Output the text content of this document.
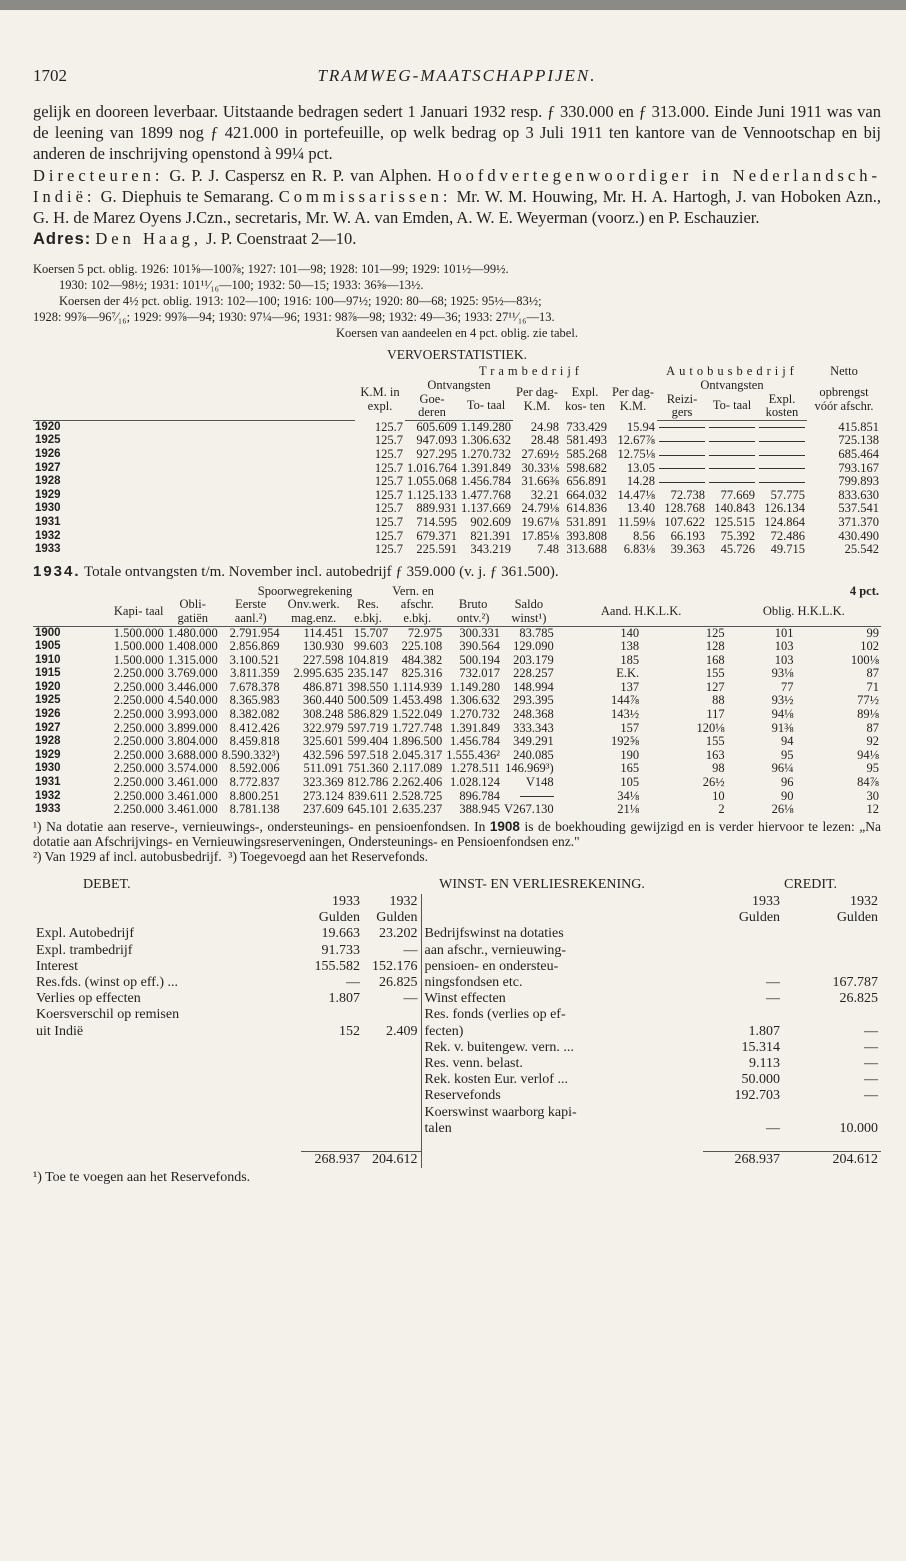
1702	TRAMWEG-MAATSCHAPPIJEN.

gelijk en dooreen leverbaar. Uitstaande bedragen sedert 1 Januari 1932 resp. ƒ 330.000 en ƒ 313.000. Einde Juni 1911 was van de leening van 1899 nog ƒ 421.000 in portefeuille, op welk bedrag op 3 Juli 1911 ten kantore van de Vennootschap en bij anderen de inschrijving openstond à 99¼ pct.

Directeuren: G. P. J. Caspersz en R. P. van Alphen. Hoofdvertegenwoordiger in Nederlandsch-Indië: G. Diephuis te Semarang. Commissarissen: Mr. W. M. Houwing, Mr. H. A. Hartogh, J. van Hoboken Azn., G. H. de Marez Oyens J.Czn., secretaris, Mr. W. A. van Emden, A. W. E. Weyerman (voorz.) en P. Eschauzier.

Adres: Den Haag, J. P. Coenstraat 2—10.

Koersen 5 pct. oblig. 1926: 101⅝—100⅞; 1927: 101—98; 1928: 101—99; 1929: 101½—99½.

1930: 102—98½; 1931: 101¹¹⁄₁₆—100; 1932: 50—15; 1933: 36⅝—13½.

Koersen der 4½ pct. oblig. 1913: 102—100; 1916: 100—97½; 1920: 80—68; 1925: 95½—83½;

1928: 99⅞—96⁷⁄₁₆; 1929: 99⅞—94; 1930: 97¼—96; 1931: 98⅞—98; 1932: 49—36; 1933: 27¹¹⁄₁₆—13.

Koersen van aandeelen en 4 pct. oblig. zie tabel.

VERVOERSTATISTIEK.
		Trambedrijf					Autobusbedrijf			Netto
	K.M. in expl.	Ontvangsten		Per dag- K.M.	Expl. kos- ten	Per dag- K.M.	Ontvangsten			opbrengst vóór afschr.
		Goe- deren	To- taal				Reizi- gers	To- taal	Expl. kosten	
1920	125.7	605.609	1.149.280	24.98	733.429	15.94				415.851
1925	125.7	947.093	1.306.632	28.48	581.493	12.67⅞				725.138
1926	125.7	927.295	1.270.732	27.69½	585.268	12.75⅛				685.464
1927	125.7	1.016.764	1.391.849	30.33⅛	598.682	13.05				793.167
1928	125.7	1.055.068	1.456.784	31.66⅜	656.891	14.28				799.893
1929	125.7	1.125.133	1.477.768	32.21	664.032	14.47⅛	72.738	77.669	57.775	833.630
1930	125.7	889.931	1.137.669	24.79⅛	614.836	13.40	128.768	140.843	126.134	537.541
1931	125.7	714.595	902.609	19.67⅛	531.891	11.59⅛	107.622	125.515	124.864	371.370
1932	125.7	679.371	821.391	17.85⅛	393.808	8.56	66.193	75.392	72.486	430.490
1933	125.7	225.591	343.219	7.48	313.688	6.83⅛	39.363	45.726	49.715	25.542
1934. Totale ontvangsten t/m. November incl. autobedrijf ƒ 359.000 (v. j. ƒ 361.500).
			Spoorwegrekening			Vern. en					4 pct.	
	Kapi- taal	Obli- gatiën	Eerste aanl.²)	Onv.werk. mag.enz.	Res. e.bkj.	afschr. e.bkj.	Bruto ontv.²)	Saldo winst¹)	Aand. H.K.L.K.		Oblig. H.K.L.K.	
1900	1.500.000	1.480.000	2.791.954	114.451	15.707	72.975	300.331	83.785	140	125	101	99
1905	1.500.000	1.408.000	2.856.869	130.930	99.603	225.108	390.564	129.090	138	128	103	102
1910	1.500.000	1.315.000	3.100.521	227.598	104.819	484.382	500.194	203.179	185	168	103	100⅛
1915	2.250.000	3.769.000	3.811.359	2.995.635	235.147	825.316	732.017	228.257	E.K.	155	93⅛	87
1920	2.250.000	3.446.000	7.678.378	486.871	398.550	1.114.939	1.149.280	148.994	137	127	77	71
1925	2.250.000	4.540.000	8.365.983	360.440	500.509	1.453.498	1.306.632	293.395	144⅞	88	93½	77½
1926	2.250.000	3.993.000	8.382.082	308.248	586.829	1.522.049	1.270.732	248.368	143½	117	94⅛	89⅛
1927	2.250.000	3.899.000	8.412.426	322.979	597.719	1.727.748	1.391.849	333.343	157	120⅛	91⅜	87
1928	2.250.000	3.804.000	8.459.818	325.601	599.404	1.896.500	1.456.784	349.291	192⅝	155	94	92
1929	2.250.000	3.688.000	8.590.332³)	432.596	597.518	2.045.317	1.555.436²	240.085	190	163	95	94⅛
1930	2.250.000	3.574.000	8.592.006	511.091	751.360	2.117.089	1.278.511	146.969³)	165	98	96¼	95
1931	2.250.000	3.461.000	8.772.837	323.369	812.786	2.262.406	1.028.124	V148	105	26½	96	84⅞
1932	2.250.000	3.461.000	8.800.251	273.124	839.611	2.528.725	896.784		34⅛	10	90	30
1933	2.250.000	3.461.000	8.781.138	237.609	645.101	2.635.237	388.945	V267.130	21⅛	2	26⅛	12

¹) Na dotatie aan reserve-, vernieuwings-, ondersteunings- en pensioenfondsen. In 1908 is de boekhouding gewijzigd en is verder hiervoor te lezen: „Na dotatie aan Afschrijvings- en Vernieuwingsreserveningen, Ondersteunings- en Pensioenfondsen enz."

²) Van 1929 af incl. autobusbedrijf. ³) Toegevoegd aan het Reservefonds.

DEBET.	WINST- EN VERLIESREKENING.				CREDIT.
	1933	1932		1933	1932
	Gulden	Gulden		Gulden	Gulden
Expl. Autobedrijf	19.663	23.202	Bedrijfswinst na dotaties		
Expl. trambedrijf	91.733	—	aan afschr., vernieuwing-		
Interest	155.582	152.176	pensioen- en ondersteu-		
Res.fds. (winst op eff.) ...	—	26.825	ningsfondsen etc.	—	167.787
Verlies op effecten	1.807	—	Winst effecten	—	26.825
Koersverschil op remisen			Res. fonds (verlies op ef-		
uit Indië	152	2.409	fecten)	1.807	—
			Rek. v. buitengew. vern. ...	15.314	—
			Res. venn. belast.	9.113	—
			Rek. kosten Eur. verlof ...	50.000	—
			Reservefonds	192.703	—
			Koerswinst waarborg kapi-		
			talen	—	10.000

	268.937	204.612		268.937	204.612
¹) Toe te voegen aan het Reservefonds.
